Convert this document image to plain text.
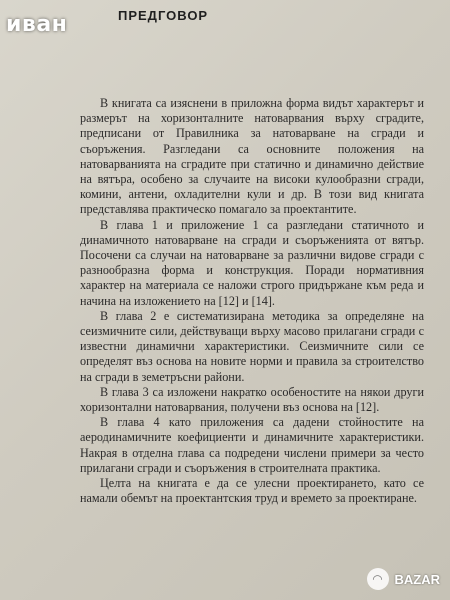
иван	ПРЕДГОВОР

В книгата са изяснени в приложна форма видът характерът и размерът на хоризонталните натоварвания върху сградите, предписани от Правилника за натоварване на сгради и съоръжения. Разгледани са основните положения на натоварванията на сградите при статично и динамично действие на вятъра, особено за случаите на високи кулообразни сгради, комини, антени, охладителни кули и др. В този вид книгата представлява практическо помагало за проектантите.

В глава 1 и приложение 1 са разгледани статичното и динамичното натоварване на сгради и съоръженията от вятър. Посочени са случаи на натоварване за различни видове сгради с разнообразна форма и конструкция. Поради нормативния характер на материала се наложи строго придържане към реда и начина на изложението на [12] и [14].

В глава 2 е систематизирана методика за определяне на сеизмичните сили, действуващи върху масово прилагани сгради с известни динамични характеристики. Сеизмичните сили се определят въз основа на новите норми и правила за строителство на сгради в земетръсни райони.

В глава 3 са изложени накратко особеностите на някои други хоризонтални натоварвания, получени въз основа на [12].

В глава 4 като приложения са дадени стойностите на аеродинамичните коефициенти и динамичните характеристики. Накрая в отделна глава са подредени числени примери за често прилагани сгради и съоръжения в строителната практика.

Целта на книгата е да се улесни проектирането, като се намали обемът на проектантския труд и времето за проектиране.

◠ BAZAR
